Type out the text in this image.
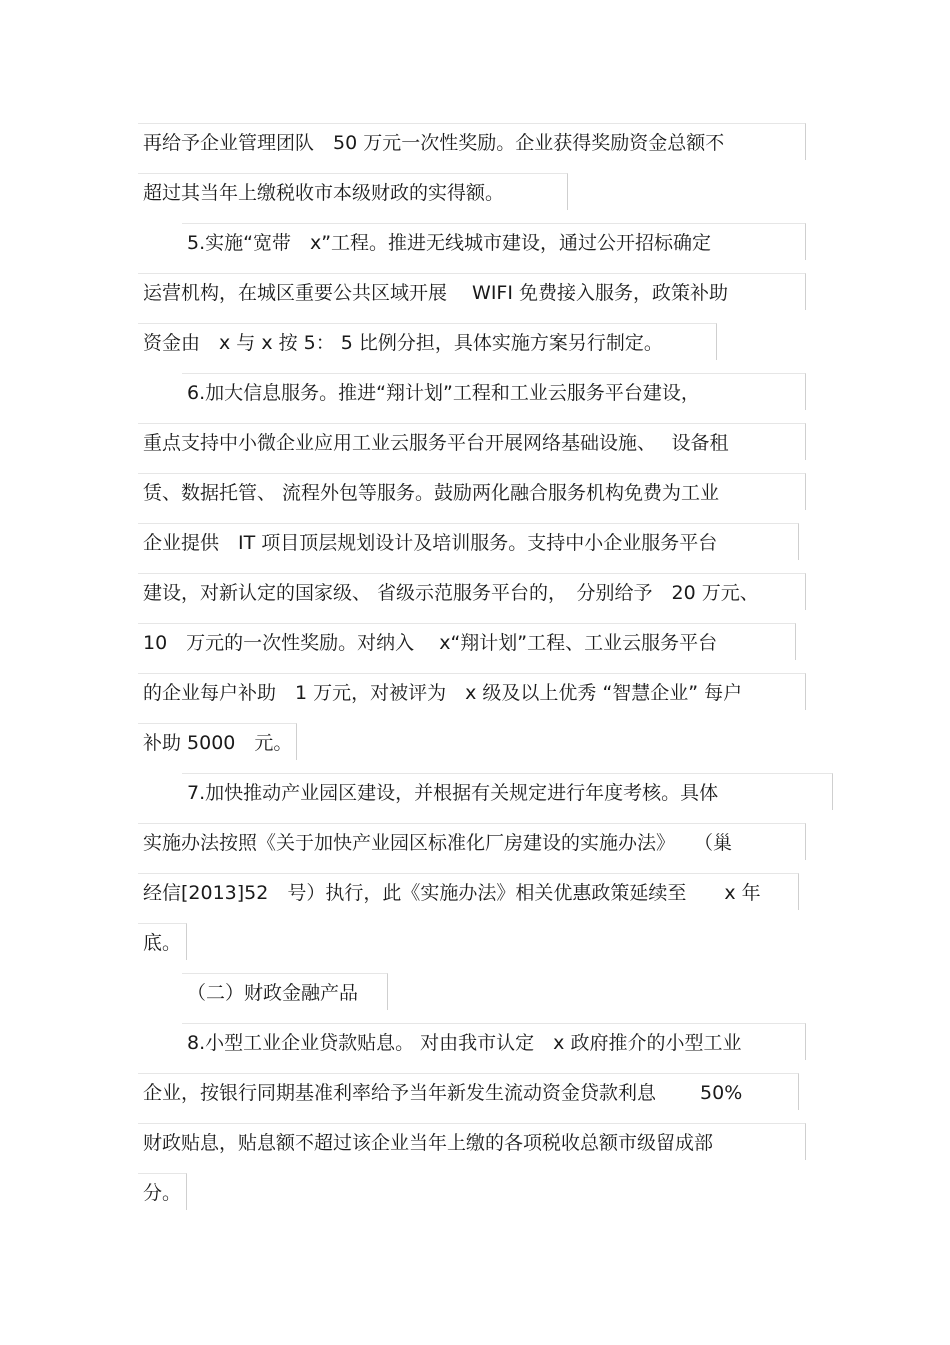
再给予企业管理团队　50 万元一次性奖励。企业获得奖励资金总额不
超过其当年上缴税收市本级财政的实得额。
5.实施“宽带　x”工程。推进无线城市建设，通过公开招标确定
运营机构，在城区重要公共区域开展　 WIFI 免费接入服务，政策补助
资金由　x 与 x 按 5： 5 比例分担，具体实施方案另行制定。
6.加大信息服务。推进“翔计划”工程和工业云服务平台建设，
重点支持中小微企业应用工业云服务平台开展网络基础设施、　 设备租
赁、数据托管、 流程外包等服务。鼓励两化融合服务机构免费为工业
企业提供　IT 项目顶层规划设计及培训服务。支持中小企业服务平台
建设，对新认定的国家级、 省级示范服务平台的，　分别给予　20 万元、
10　万元的一次性奖励。对纳入　 x“翔计划”工程、工业云服务平台
的企业每户补助　1 万元，对被评为　x 级及以上优秀 “智慧企业” 每户
补助 5000　元。
7.加快推动产业园区建设，并根据有关规定进行年度考核。具体
实施办法按照《关于加快产业园区标准化厂房建设的实施办法》　　（巢
经信[2013]52　号）执行，此《实施办法》相关优惠政策延续至　　x 年
底。
（二）财政金融产品
8.小型工业企业贷款贴息。 对由我市认定　x 政府推介的小型工业
企业，按银行同期基准利率给予当年新发生流动资金贷款利息　　 50%
财政贴息，贴息额不超过该企业当年上缴的各项税收总额市级留成部
分。
